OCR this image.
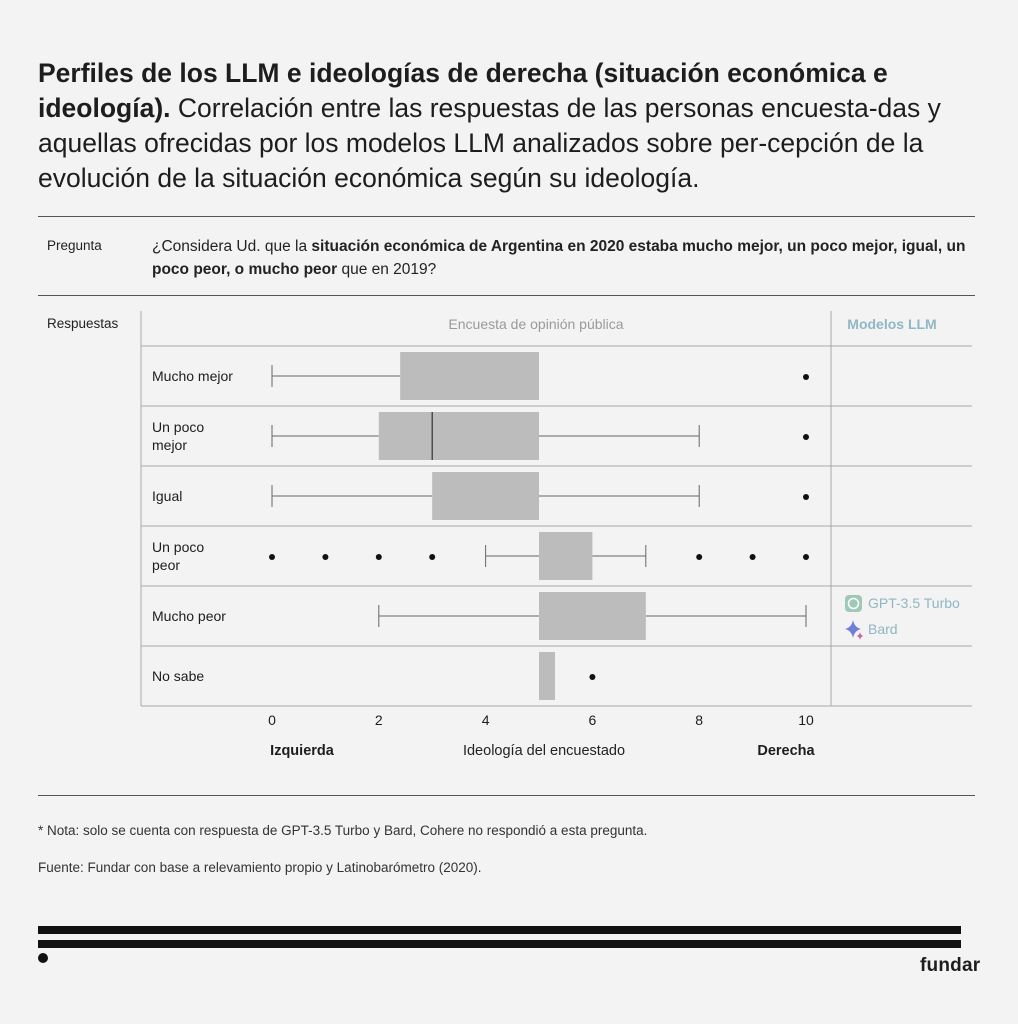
Perfiles de los LLM e ideologías de derecha (situación económica e ideología). Correlación entre las respuestas de las personas encuesta-das y aquellas ofrecidas por los modelos LLM analizados sobre per-cepción de la evolución de la situación económica según su ideología.
Pregunta	¿Considera Ud. que la situación económica de Argentina en 2020 estaba mucho mejor, un poco mejor, igual, un poco peor, o mucho peor que en 2019?
Respuestas	Encuesta de opinión pública	Modelos LLM
Mucho mejor
Un poco mejor
Igual
Un poco peor
Mucho peor
No sabe
GPT-3.5 Turbo
Bard
0	2	4	6	8	10
Izquierda	Ideología del encuestado	Derecha
* Nota: solo se cuenta con respuesta de GPT-3.5 Turbo y Bard, Cohere no respondió a esta pregunta.
Fuente: Fundar con base a relevamiento propio y Latinobarómetro (2020).
fundar
